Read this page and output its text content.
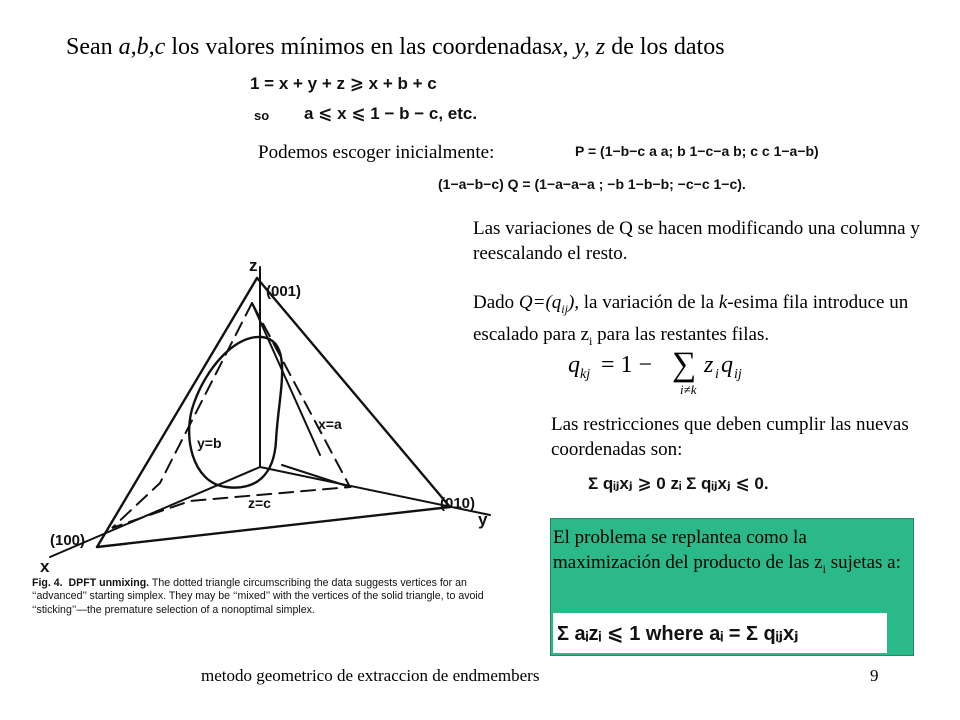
Sean a,b,c los valores mínimos en las coordenadasx, y, z de los datos
1 = x + y + z ⩾ x + b + c
so a ⩽ x ⩽ 1 − b − c, etc.
Podemos escoger inicialmente:	P = (1−b−c a a; b 1−c−a b; c c 1−a−b)
(1−a−b−c) Q = (1−a−a−a ; −b 1−b−b; −c−c 1−c).
Las variaciones de Q se hacen modificando una columna y reescalando el resto.
Dado $Q=(q_{ij})$, la variación de la k-esima fila introduce un escalado para $z_i$ para las restantes filas.
q kj = 1 − ∑
i≠k
z i q ij
Las restricciones que deben cumplir las nuevas coordenadas son:
Σ qᵢⱼxⱼ ⩾ 0 zᵢ Σ qᵢⱼxⱼ ⩽ 0.
El problema se replantea como la maximización del producto de las $z_i$ sujetas a:
Σ aᵢzᵢ ⩽ 1 where aᵢ = Σ qᵢⱼxⱼ
z
(001)
x=a
y=b
z=c	(010)
y
(100)
x
Fig. 4. DPFT unmixing. The dotted triangle circumscribing the data suggests vertices for an ‘‘advanced’’ starting simplex. They may be ‘‘mixed’’ with the vertices of the solid triangle, to avoid ‘‘sticking’’—the premature selection of a nonoptimal simplex.
metodo geometrico de extraccion de endmembers	9
